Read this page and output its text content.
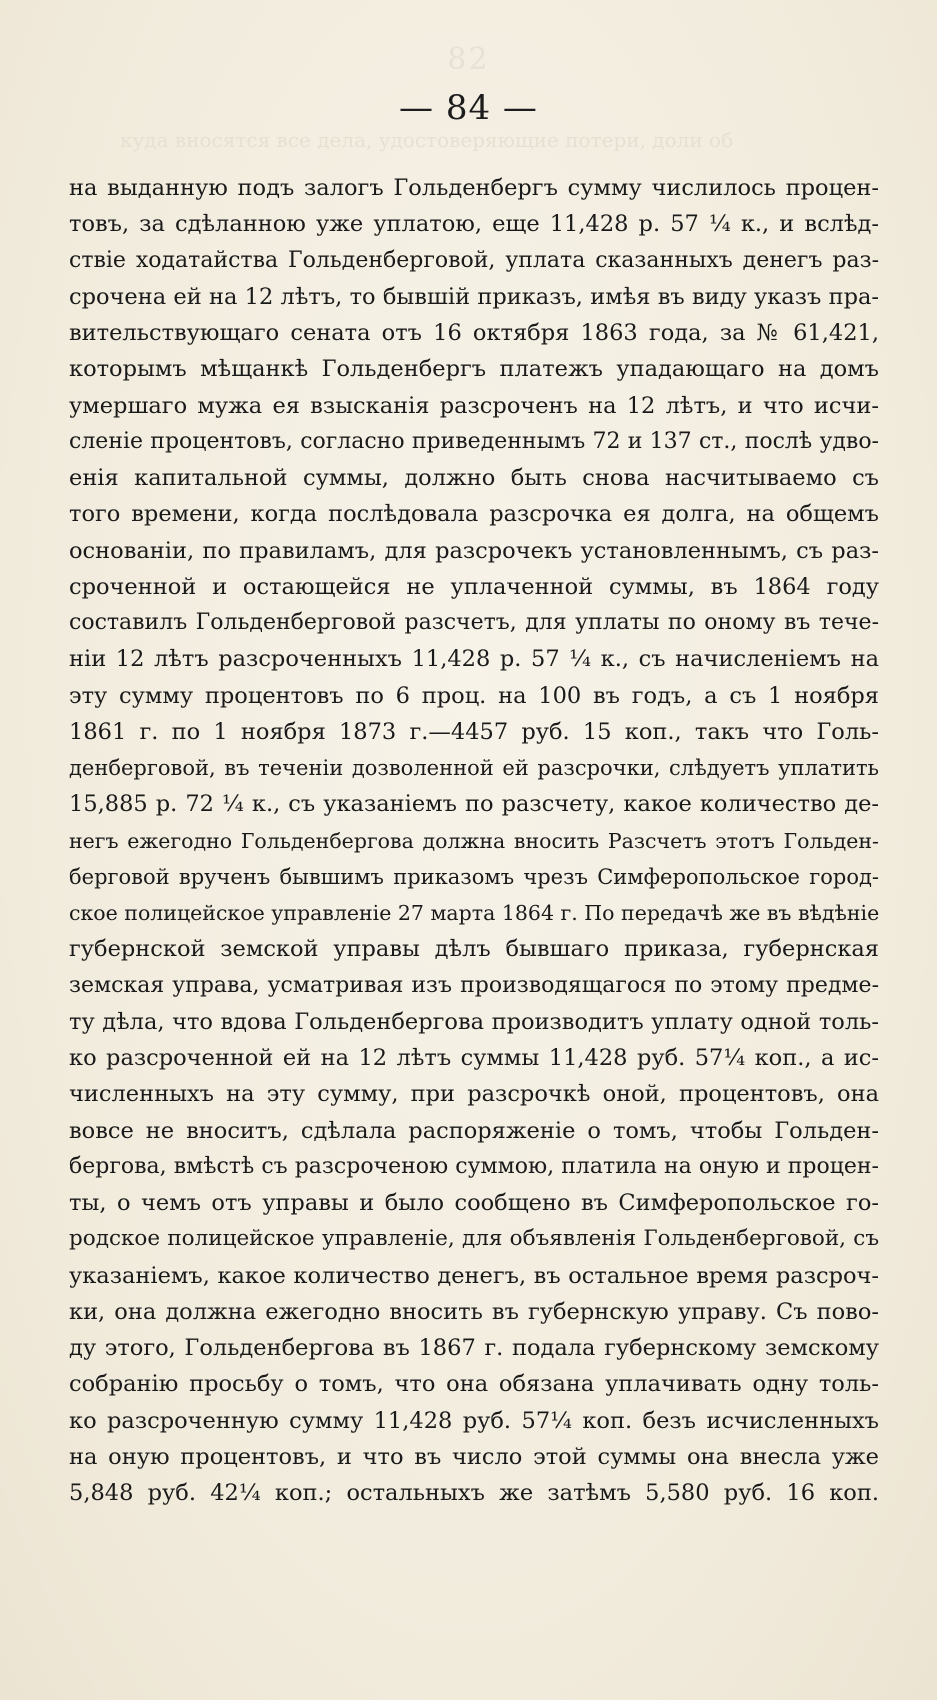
82
куда вносятся все дела, удостоверяющие потери, доли об
— 84 —
на выданную подъ залогъ Гольденбергъ сумму числилось процен-
товъ, за сдѣланною уже уплатою, еще 11,428 р. 57 ¼ к., и вслѣд-
ствіе ходатайства Гольденберговой, уплата сказанныхъ денегъ раз-
срочена ей на 12 лѣтъ, то бывшій приказъ, имѣя въ виду указъ пра-
вительствующаго сената отъ 16 октября 1863 года, за № 61,421,
которымъ мѣщанкѣ Гольденбергъ платежъ упадающаго на домъ
умершаго мужа ея взысканія разсроченъ на 12 лѣтъ, и что исчи-
сленіе процентовъ, согласно приведеннымъ 72 и 137 ст., послѣ удво-
енія капитальной суммы, должно быть снова насчитываемо съ
того времени, когда послѣдовала разсрочка ея долга, на общемъ
основаніи, по правиламъ, для разсрочекъ установленнымъ, съ раз-
сроченной и остающейся не уплаченной суммы, въ 1864 году
составилъ Гольденберговой разсчетъ, для уплаты по оному въ тече-
ніи 12 лѣтъ разсроченныхъ 11,428 р. 57 ¼ к., съ начисленіемъ на
эту сумму процентовъ по 6 проц. на 100 въ годъ, а съ 1 ноября
1861 г. по 1 ноября 1873 г.—4457 руб. 15 коп., такъ что Голь-
денберговой, въ теченіи дозволенной ей разсрочки, слѣдуетъ уплатить
15,885 р. 72 ¼ к., съ указаніемъ по разсчету, какое количество де-
негъ ежегодно Гольденбергова должна вносить Разсчетъ этотъ Гольден-
берговой врученъ бывшимъ приказомъ чрезъ Симферопольское город-
ское полицейское управленіе 27 марта 1864 г. По передачѣ же въ вѣдѣніе
губернской земской управы дѣлъ бывшаго приказа, губернская
земская управа, усматривая изъ производящагося по этому предме-
ту дѣла, что вдова Гольденбергова производитъ уплату одной толь-
ко разсроченной ей на 12 лѣтъ суммы 11,428 руб. 57¼ коп., а ис-
численныхъ на эту сумму, при разсрочкѣ оной, процентовъ, она
вовсе не вноситъ, сдѣлала распоряженіе о томъ, чтобы Гольден-
бергова, вмѣстѣ съ разсроченою суммою, платила на оную и процен-
ты, о чемъ отъ управы и было сообщено въ Симферопольское го-
родское полицейское управленіе, для объявленія Гольденберговой, съ
указаніемъ, какое количество денегъ, въ остальное время разсроч-
ки, она должна ежегодно вносить въ губернскую управу. Съ пово-
ду этого, Гольденбергова въ 1867 г. подала губернскому земскому
собранію просьбу о томъ, что она обязана уплачивать одну толь-
ко разсроченную сумму 11,428 руб. 57¼ коп. безъ исчисленныхъ
на оную процентовъ, и что въ число этой суммы она внесла уже
5,848 руб. 42¼ коп.; остальныхъ же затѣмъ 5,580 руб. 16 коп.
